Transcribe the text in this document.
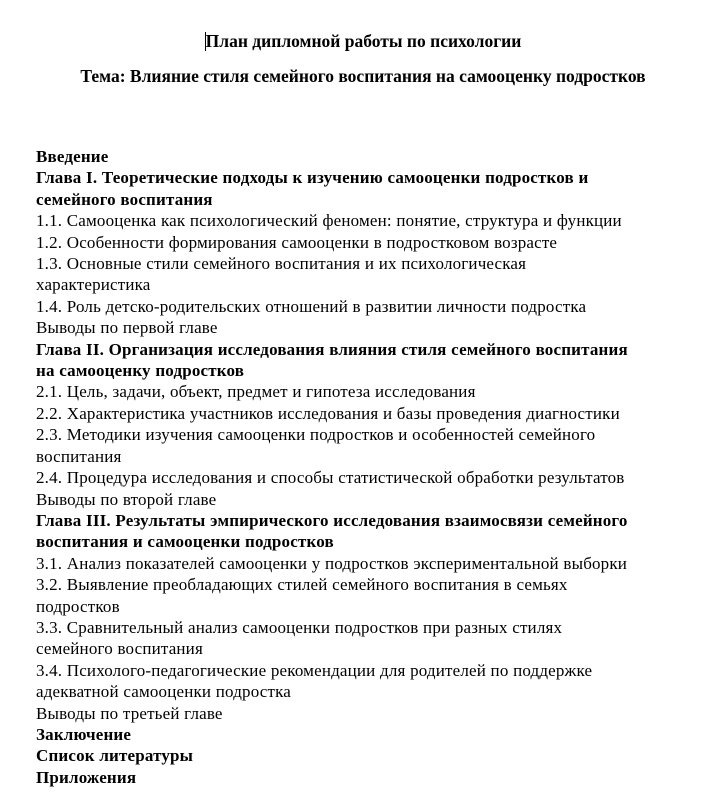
План дипломной работы по психологии
Тема: Влияние стиля семейного воспитания на самооценку подростков
Введение
Глава I. Теоретические подходы к изучению самооценки подростков и
семейного воспитания
1.1. Самооценка как психологический феномен: понятие, структура и функции
1.2. Особенности формирования самооценки в подростковом возрасте
1.3. Основные стили семейного воспитания и их психологическая
характеристика
1.4. Роль детско-родительских отношений в развитии личности подростка
Выводы по первой главе
Глава II. Организация исследования влияния стиля семейного воспитания
на самооценку подростков
2.1. Цель, задачи, объект, предмет и гипотеза исследования
2.2. Характеристика участников исследования и базы проведения диагностики
2.3. Методики изучения самооценки подростков и особенностей семейного
воспитания
2.4. Процедура исследования и способы статистической обработки результатов
Выводы по второй главе
Глава III. Результаты эмпирического исследования взаимосвязи семейного
воспитания и самооценки подростков
3.1. Анализ показателей самооценки у подростков экспериментальной выборки
3.2. Выявление преобладающих стилей семейного воспитания в семьях
подростков
3.3. Сравнительный анализ самооценки подростков при разных стилях
семейного воспитания
3.4. Психолого-педагогические рекомендации для родителей по поддержке
адекватной самооценки подростка
Выводы по третьей главе
Заключение
Список литературы
Приложения
